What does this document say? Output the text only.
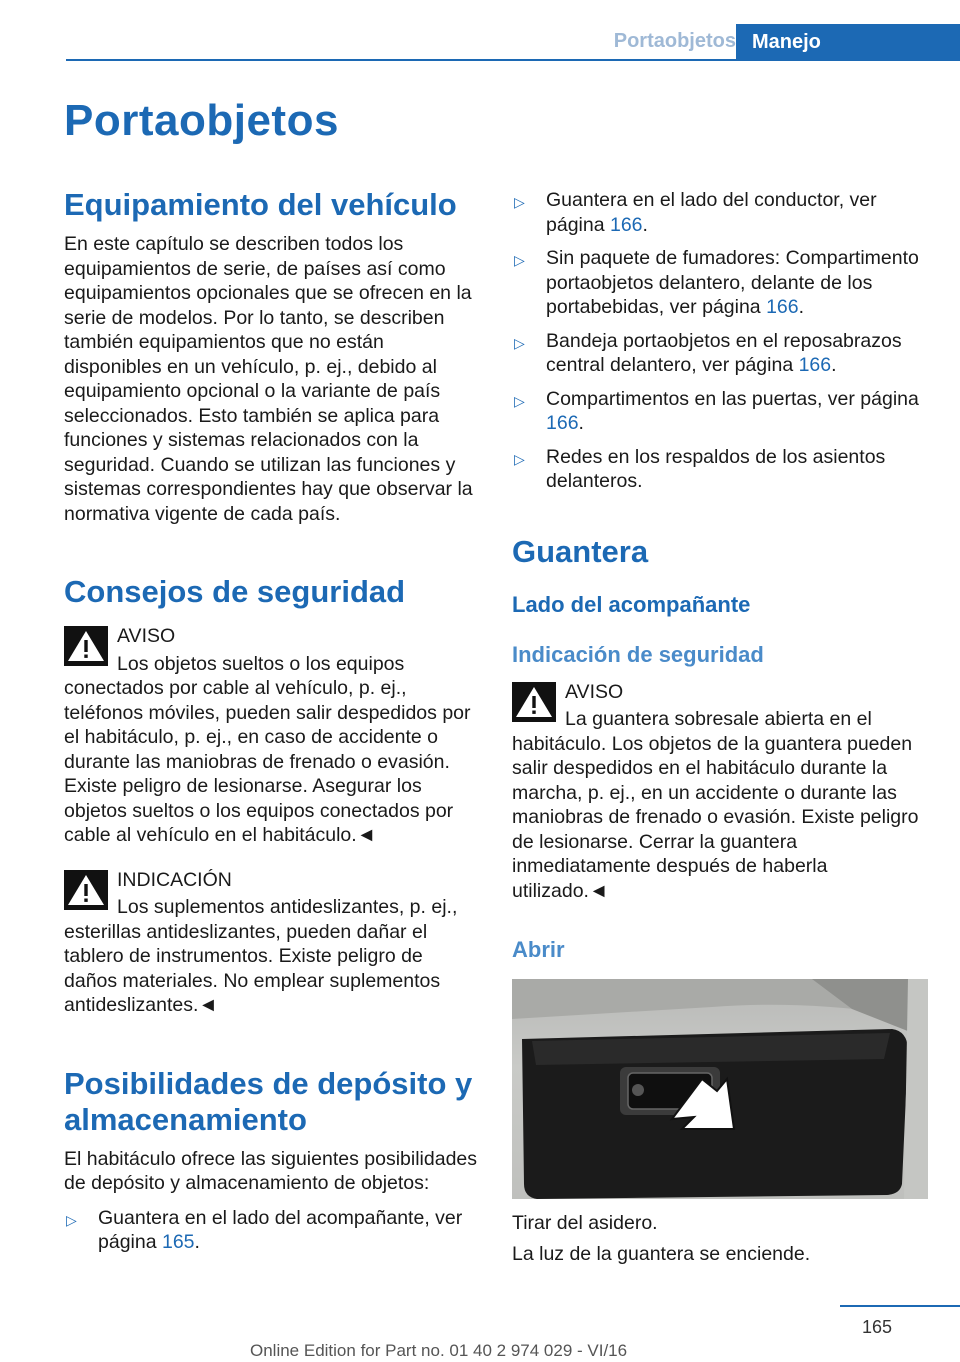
Portaobjetos Manejo
Portaobjetos
Equipamiento del vehículo

En este capítulo se describen todos los equipamientos de serie, de países así como equipamientos opcionales que se ofrecen en la serie de modelos. Por lo tanto, se describen también equipamientos que no están disponibles en un vehículo, p. ej., debido al equipamiento opcional o la variante de país seleccionados. Esto también se aplica para funciones y sistemas relacionados con la seguridad. Cuando se utilizan las funciones y sistemas correspondientes hay que observar la normativa vigente de cada país.

Consejos de seguridad
AVISO

Los objetos sueltos o los equipos conectados por cable al vehículo, p. ej., teléfonos móviles, pueden salir despedidos por el habitáculo, p. ej., en caso de accidente o durante las maniobras de frenado o evasión. Existe peligro de lesionarse. Asegurar los objetos sueltos o los equipos conectados por cable al vehículo en el habitáculo.◄

INDICACIÓN

Los suplementos antideslizantes, p. ej., esterillas antideslizantes, pueden dañar el tablero de instrumentos. Existe peligro de daños materiales. No emplear suplementos antideslizantes.◄

Posibilidades de depósito y almacenamiento

El habitáculo ofrece las siguientes posibilidades de depósito y almacenamiento de objetos:

▷ Guantera en el lado del acompañante, ver página 165.
▷ Guantera en el lado del conductor, ver página 166.
▷ Sin paquete de fumadores: Compartimento portaobjetos delantero, delante de los portabebidas, ver página 166.
▷ Bandeja portaobjetos en el reposabrazos central delantero, ver página 166.
▷ Compartimentos en las puertas, ver página 166.
▷ Redes en los respaldos de los asientos delanteros.
Guantera
Lado del acompañante
Indicación de seguridad
AVISO

La guantera sobresale abierta en el habitáculo. Los objetos de la guantera pueden salir despedidos en el habitáculo durante la marcha, p. ej., en un accidente o durante las maniobras de frenado o evasión. Existe peligro de lesionarse. Cerrar la guantera inmediatamente después de haberla utilizado.◄

Abrir

Tirar del asidero.

La luz de la guantera se enciende.

165
Online Edition for Part no. 01 40 2 974 029 - VI/16
